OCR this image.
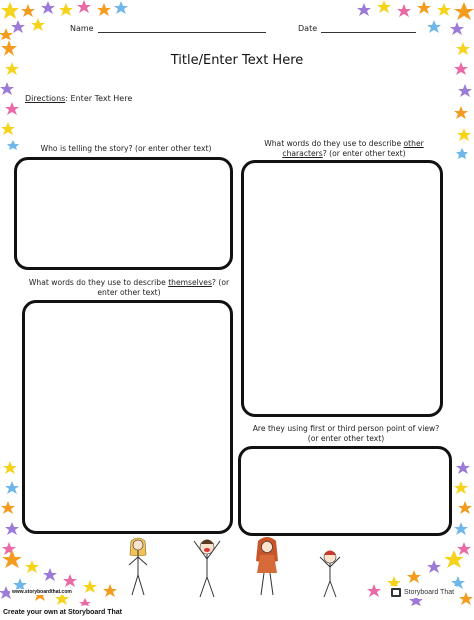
Name	Date
Title/Enter Text Here
Directions: Enter Text Here
Who is telling the story? (or enter other text)
What words do they use to describe other
characters? (or enter other text)
What words do they use to describe themselves? (or enter other text)
Are they using first or third person point of view?
(or enter other text)
www.storyboardthat.com	Storyboard That
Create your own at Storyboard That
